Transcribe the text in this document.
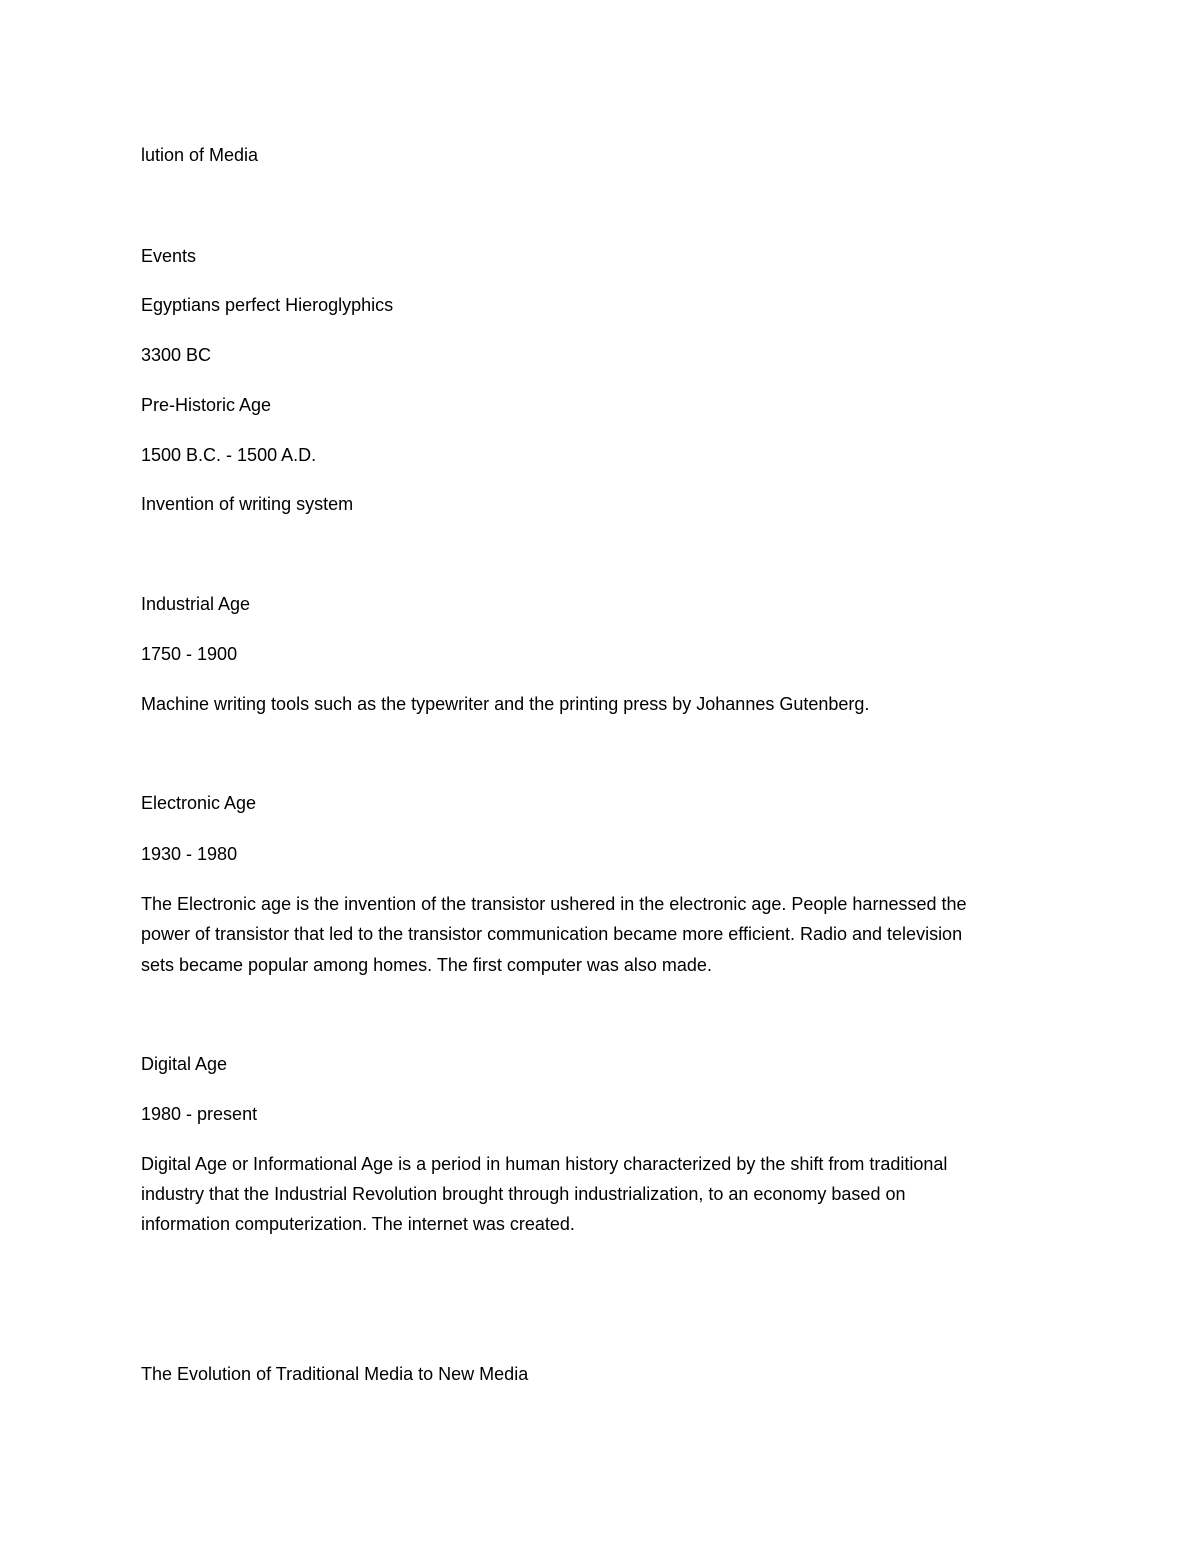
lution of Media
Events
Egyptians perfect Hieroglyphics
3300 BC
Pre-Historic Age
1500 B.C. - 1500 A.D.
Invention of writing system
Industrial Age
1750 - 1900
Machine writing tools such as the typewriter and the printing press by Johannes Gutenberg.
Electronic Age
1930 - 1980
The Electronic age is the invention of the transistor ushered in the electronic age. People harnessed the
power of transistor that led to the transistor communication became more efficient. Radio and television
sets became popular among homes. The first computer was also made.
Digital Age
1980 - present
Digital Age or Informational Age is a period in human history characterized by the shift from traditional
industry that the Industrial Revolution brought through industrialization, to an economy based on
information computerization. The internet was created.
The Evolution of Traditional Media to New Media
